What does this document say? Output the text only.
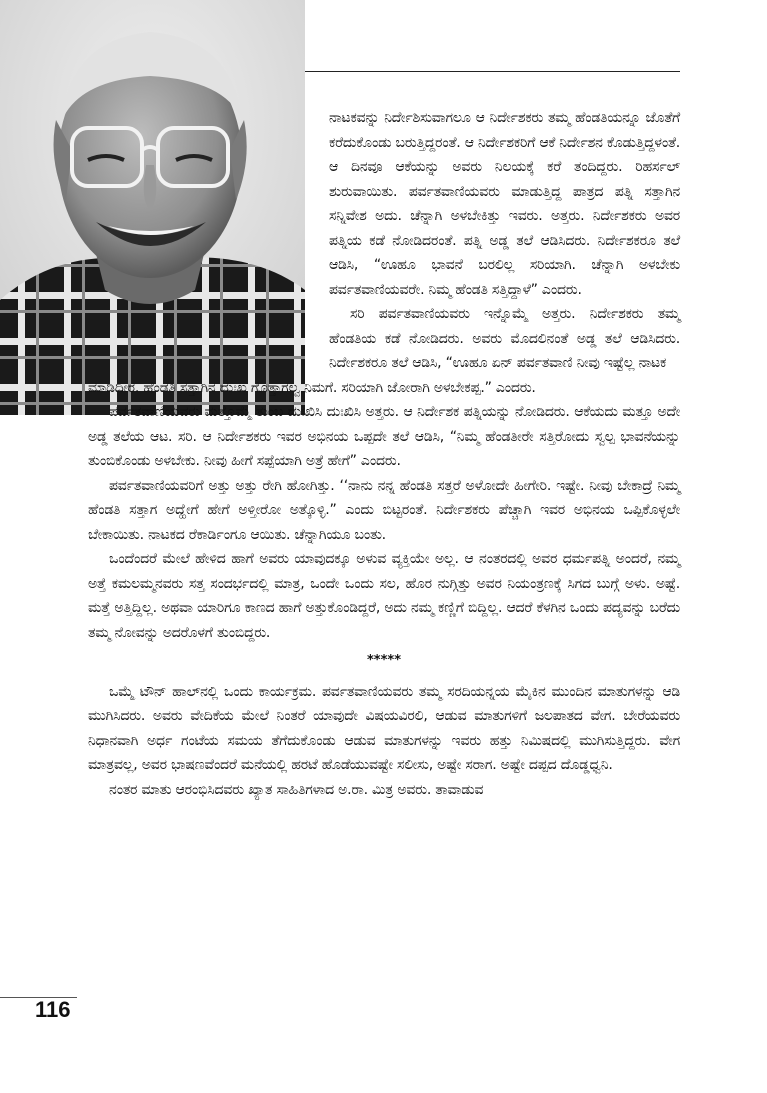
ನಾಟಕವನ್ನು ನಿರ್ದೇಶಿಸುವಾಗಲೂ ಆ ನಿರ್ದೇಶಕರು ತಮ್ಮ ಹೆಂಡತಿಯನ್ನೂ ಜೊತೆಗೆ ಕರೆದುಕೊಂಡು ಬರುತ್ತಿದ್ದರಂತೆ. ಆ ನಿರ್ದೇಶಕರಿಗೆ ಆಕೆ ನಿರ್ದೇಶನ ಕೊಡುತ್ತಿದ್ದಳಂತೆ. ಆ ದಿನವೂ ಆಕೆಯನ್ನು ಅವರು ನಿಲಯಕ್ಕೆ ಕರೆ ತಂದಿದ್ದರು. ರಿಹರ್ಸಲ್ ಶುರುವಾಯಿತು. ಪರ್ವತವಾಣಿಯವರು ಮಾಡುತ್ತಿದ್ದ ಪಾತ್ರದ ಪತ್ನಿ ಸತ್ತಾಗಿನ ಸನ್ನಿವೇಶ ಅದು. ಚೆನ್ನಾಗಿ ಅಳಬೇಕಿತ್ತು ಇವರು. ಅತ್ತರು. ನಿರ್ದೇಶಕರು ಅವರ ಪತ್ನಿಯ ಕಡೆ ನೋಡಿದರಂತೆ. ಪತ್ನಿ ಅಡ್ಡ ತಲೆ ಆಡಿಸಿದರು. ನಿರ್ದೇಶಕರೂ ತಲೆ ಆಡಿಸಿ, “ಊಹೂ ಭಾವನೆ ಬರಲಿಲ್ಲ ಸರಿಯಾಗಿ. ಚೆನ್ನಾಗಿ ಅಳಬೇಕು ಪರ್ವತವಾಣಿಯವರೇ. ನಿಮ್ಮ ಹೆಂಡತಿ ಸತ್ತಿದ್ದಾಳೆ” ಎಂದರು.

ಸರಿ ಪರ್ವತವಾಣಿಯವರು ಇನ್ನೊಮ್ಮೆ ಅತ್ತರು. ನಿರ್ದೇಶಕರು ತಮ್ಮ ಹೆಂಡತಿಯ ಕಡೆ ನೋಡಿದರು. ಅವರು ಮೊದಲಿನಂತೆ ಅಡ್ಡ ತಲೆ ಆಡಿಸಿದರು. ನಿರ್ದೇಶಕರೂ ತಲೆ ಆಡಿಸಿ, “ಊಹೂ ಏನ್ ಪರ್ವತವಾಣಿ ನೀವು ಇಷ್ಟೆಲ್ಲ ನಾಟಕ

ಮಾಡಿದೀರ. ಹೆಂಡತಿ ಸತ್ತಾಗಿನ ದುಃಖ ಗೊತ್ತಾಗಲ್ವ ನಿಮಗೆ. ಸರಿಯಾಗಿ ಜೋರಾಗಿ ಅಳಬೇಕಪ್ಪ.” ಎಂದರು.

ಪರ್ವತವಾಣಿಯವರು ಮತ್ತೊಮ್ಮೆ ತುಂಬ ದುಃಖಿಸಿ ದುಃಖಿಸಿ ಅತ್ತರು. ಆ ನಿರ್ದೇಶಕ ಪತ್ನಿಯನ್ನು ನೋಡಿದರು. ಆಕೆಯದು ಮತ್ತೂ ಅದೇ ಅಡ್ಡ ತಲೆಯ ಆಟ. ಸರಿ. ಆ ನಿರ್ದೇಶಕರು ಇವರ ಅಭಿನಯ ಒಪ್ಪದೇ ತಲೆ ಆಡಿಸಿ, “ನಿಮ್ಮ ಹೆಂಡತೀರೇ ಸತ್ತಿರೋದು ಸ್ವಲ್ಪ ಭಾವನೆಯನ್ನು ತುಂಬಿಕೊಂಡು ಅಳಬೇಕು. ನೀವು ಹೀಗೆ ಸಪ್ಪೆಯಾಗಿ ಅತ್ರೆ ಹೇಗೆ” ಎಂದರು.

ಪರ್ವತವಾಣಿಯವರಿಗೆ ಅತ್ತು ಅತ್ತು ರೇಗಿ ಹೋಗಿತ್ತು. ‘‘ನಾನು ನನ್ನ ಹೆಂಡತಿ ಸತ್ತರೆ ಅಳೋದೇ ಹೀಗೇರಿ. ಇಷ್ಟೇ. ನೀವು ಬೇಕಾದ್ರೆ ನಿಮ್ಮ ಹೆಂಡತಿ ಸತ್ತಾಗ ಅದ್ಹೇಗೆ ಹೇಗೆ ಅಳ್ತೀರೋ ಅತ್ಕೊಳ್ಳಿ.” ಎಂದು ಬಿಟ್ಟರಂತೆ. ನಿರ್ದೇಶಕರು ಪೆಚ್ಚಾಗಿ ಇವರ ಅಭಿನಯ ಒಪ್ಪಿಕೊಳ್ಳಲೇ ಬೇಕಾಯಿತು. ನಾಟಕದ ರೆಕಾರ್ಡಿಂಗೂ ಆಯಿತು. ಚೆನ್ನಾಗಿಯೂ ಬಂತು.

ಒಂದೆಂದರೆ ಮೇಲೆ ಹೇಳಿದ ಹಾಗೆ ಅವರು ಯಾವುದಕ್ಕೂ ಅಳುವ ವ್ಯಕ್ತಿಯೇ ಅಲ್ಲ. ಆ ನಂತರದಲ್ಲಿ ಅವರ ಧರ್ಮಪತ್ನಿ ಅಂದರೆ, ನಮ್ಮ ಅತ್ತೆ ಕಮಲಮ್ಮನವರು ಸತ್ತ ಸಂದರ್ಭದಲ್ಲಿ ಮಾತ್ರ, ಒಂದೇ ಒಂದು ಸಲ, ಹೊರ ನುಗ್ಗಿತ್ತು ಅವರ ನಿಯಂತ್ರಣಕ್ಕೆ ಸಿಗದ ಬುಗ್ಗೆ ಅಳು. ಅಷ್ಟೆ. ಮತ್ತೆ ಅತ್ತಿದ್ದಿಲ್ಲ. ಅಥವಾ ಯಾರಿಗೂ ಕಾಣದ ಹಾಗೆ ಅತ್ತುಕೊಂಡಿದ್ದರೆ, ಅದು ನಮ್ಮ ಕಣ್ಣಿಗೆ ಬಿದ್ದಿಲ್ಲ. ಆದರೆ ಕೆಳಗಿನ ಒಂದು ಪದ್ಯವನ್ನು ಬರೆದು ತಮ್ಮ ನೋವನ್ನು ಅದರೊಳಗೆ ತುಂಬಿದ್ದರು.

*****

ಒಮ್ಮೆ ಟೌನ್ ಹಾಲ್‌ನಲ್ಲಿ ಒಂದು ಕಾರ್ಯಕ್ರಮ. ಪರ್ವತವಾಣಿಯವರು ತಮ್ಮ ಸರದಿಯನ್ನಯ ಮೈಕಿನ ಮುಂದಿನ ಮಾತುಗಳನ್ನು ಆಡಿ ಮುಗಿಸಿದರು. ಅವರು ವೇದಿಕೆಯ ಮೇಲೆ ನಿಂತರೆ ಯಾವುದೇ ವಿಷಯವಿರಲಿ, ಆಡುವ ಮಾತುಗಳಿಗೆ ಜಲಪಾತದ ವೇಗ. ಬೇರೆಯವರು ನಿಧಾನವಾಗಿ ಅರ್ಧ ಗಂಟೆಯ ಸಮಯ ತೆಗೆದುಕೊಂಡು ಆಡುವ ಮಾತುಗಳನ್ನು ಇವರು ಹತ್ತು ನಿಮಿಷದಲ್ಲಿ ಮುಗಿಸುತ್ತಿದ್ದರು. ವೇಗ ಮಾತ್ರವಲ್ಲ, ಅವರ ಭಾಷಣವೆಂದರೆ ಮನೆಯಲ್ಲಿ ಹರಟೆ ಹೊಡೆಯುವಷ್ಟೇ ಸಲೀಸು, ಅಷ್ಟೇ ಸರಾಗ. ಅಷ್ಟೇ ದಪ್ಪದ ದೊಡ್ಡಧ್ವನಿ.

ನಂತರ ಮಾತು ಆರಂಭಿಸಿದವರು ಖ್ಯಾತ ಸಾಹಿತಿಗಳಾದ ಅ.ರಾ. ಮಿತ್ರ ಅವರು. ತಾವಾಡುವ

116
